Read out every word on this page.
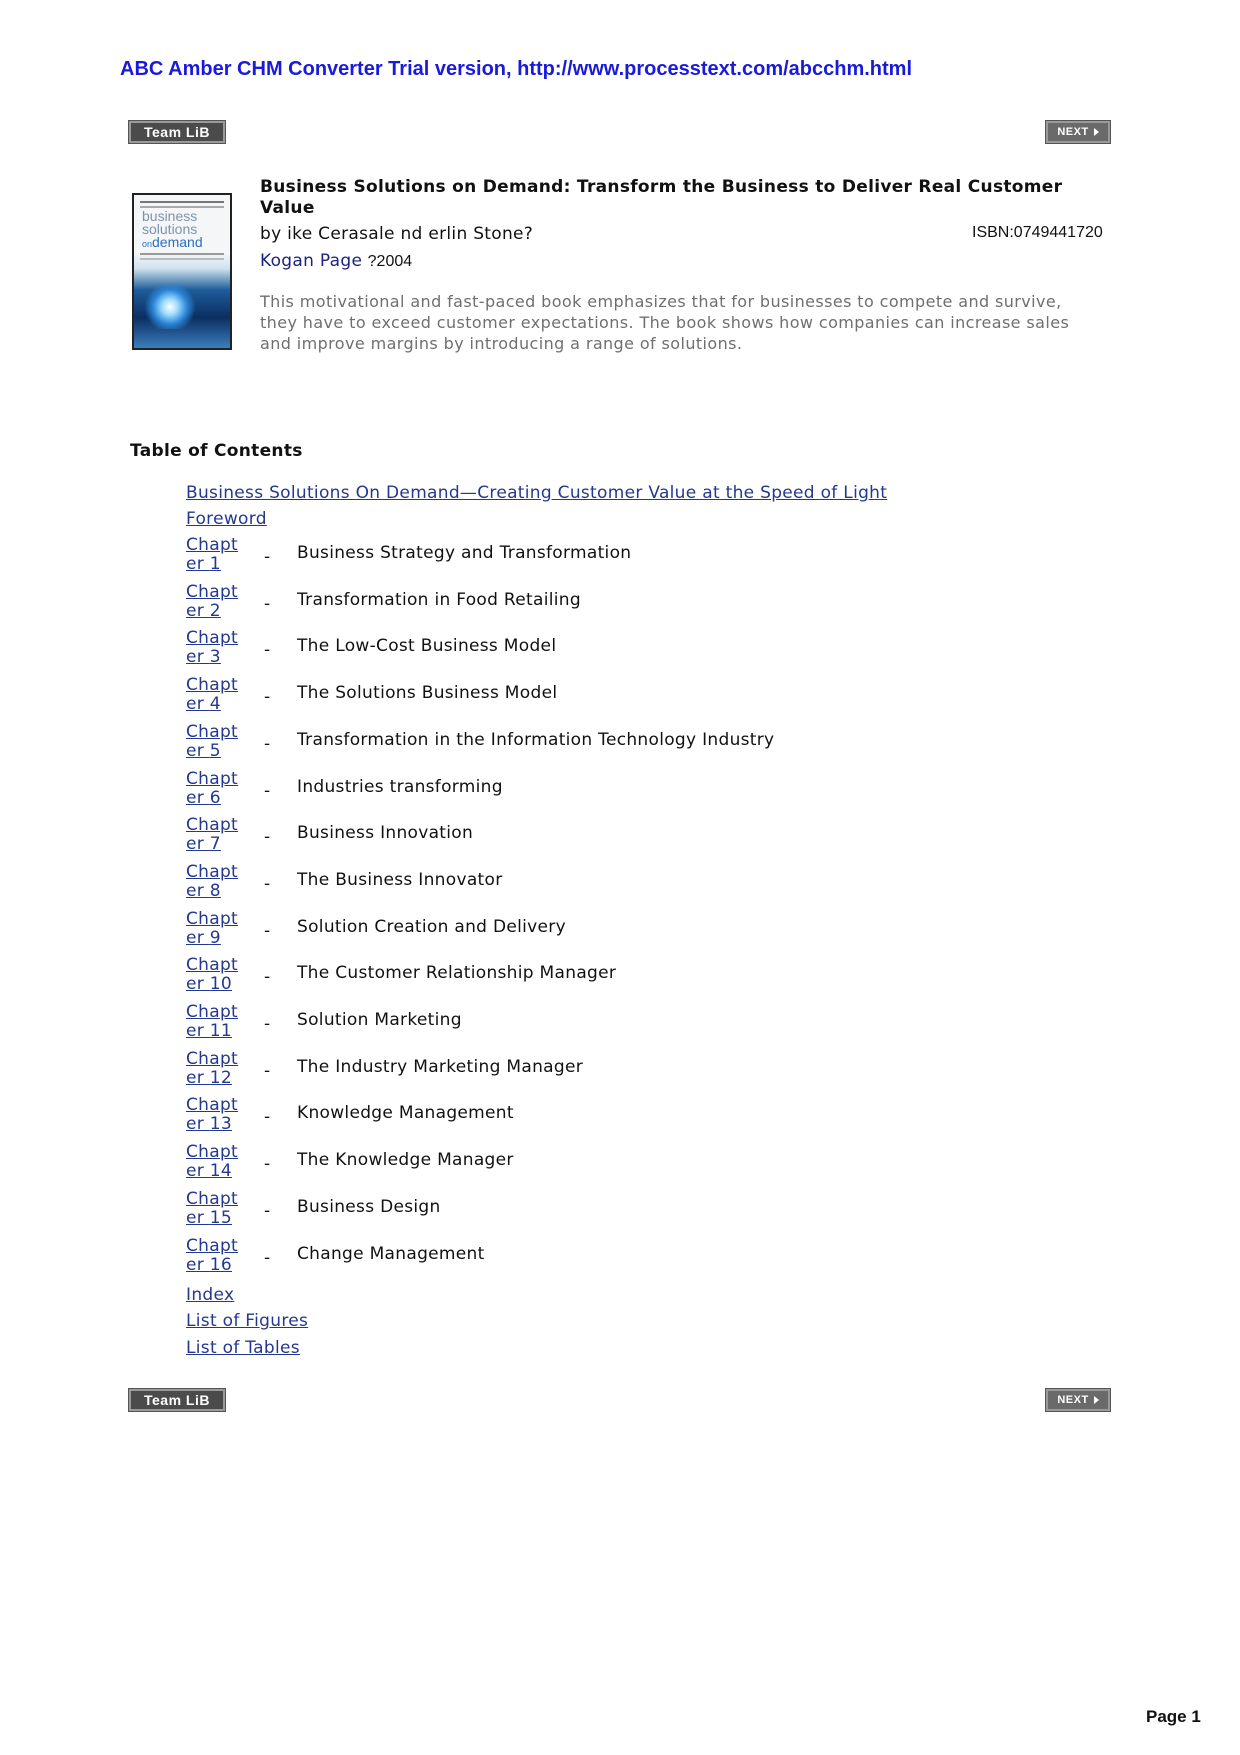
ABC Amber CHM Converter Trial version, http://www.processtext.com/abcchm.html
Team LiB	NEXT
business
solutions
ondemand
Business Solutions on Demand: Transform the Business to Deliver Real Customer Value
by ike Cerasale nd erlin Stone?	ISBN:0749441720
Kogan Page ?2004
This motivational and fast-paced book emphasizes that for businesses to compete and survive, they have to exceed customer expectations. The book shows how companies can increase sales and improve margins by introducing a range of solutions.
Table of Contents
Business Solutions On Demand—Creating Customer Value at the Speed of Light
Foreword
Chapt
er 1	- Business Strategy and Transformation
Chapt
er 2	- Transformation in Food Retailing
Chapt
er 3	- The Low-Cost Business Model
Chapt
er 4	- The Solutions Business Model
Chapt
er 5	- Transformation in the Information Technology Industry
Chapt
er 6	- Industries transforming
Chapt
er 7	- Business Innovation
Chapt
er 8	- The Business Innovator
Chapt
er 9	- Solution Creation and Delivery
Chapt
er 10	- The Customer Relationship Manager
Chapt
er 11	- Solution Marketing
Chapt
er 12	- The Industry Marketing Manager
Chapt
er 13	- Knowledge Management
Chapt
er 14	- The Knowledge Manager
Chapt
er 15	- Business Design
Chapt
er 16	- Change Management
Index
List of Figures
List of Tables
Team LiB	NEXT
Page 1
